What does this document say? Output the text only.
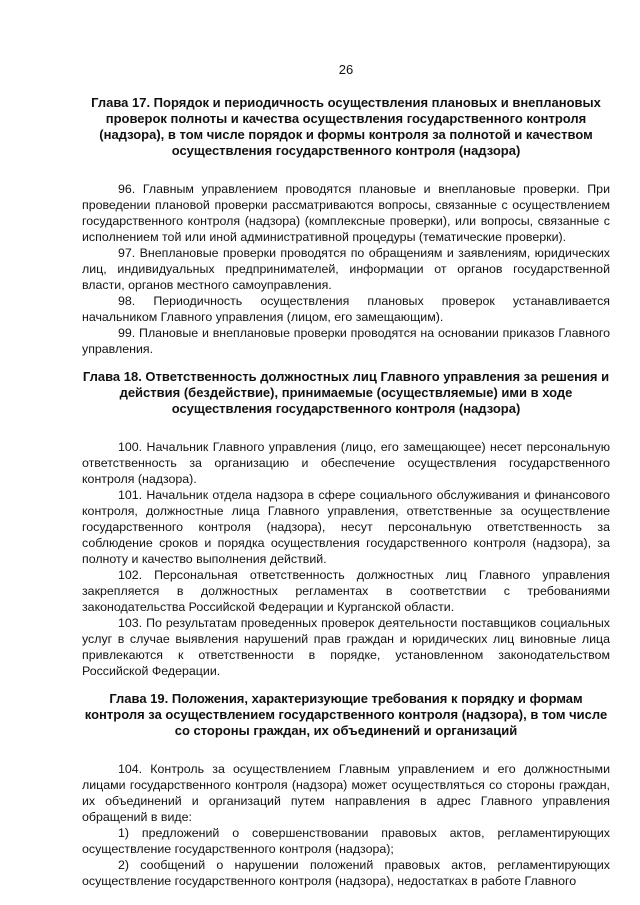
26
Глава 17. Порядок и периодичность осуществления плановых и внеплановых проверок полноты и качества осуществления государственного контроля (надзора), в том числе порядок и формы контроля за полнотой и качеством осуществления государственного контроля (надзора)

96. Главным управлением проводятся плановые и внеплановые проверки. При проведении плановой проверки рассматриваются вопросы, связанные с осуществлением государственного контроля (надзора) (комплексные проверки), или вопросы, связанные с исполнением той или иной административной процедуры (тематические проверки).

97. Внеплановые проверки проводятся по обращениям и заявлениям, юридических лиц, индивидуальных предпринимателей, информации от органов государственной власти, органов местного самоуправления.

98. Периодичность осуществления плановых проверок устанавливается начальником Главного управления (лицом, его замещающим).

99. Плановые и внеплановые проверки проводятся на основании приказов Главного управления.

Глава 18. Ответственность должностных лиц Главного управления за решения и действия (бездействие), принимаемые (осуществляемые) ими в ходе осуществления государственного контроля (надзора)

100. Начальник Главного управления (лицо, его замещающее) несет персональную ответственность за организацию и обеспечение осуществления государственного контроля (надзора).

101. Начальник отдела надзора в сфере социального обслуживания и финансового контроля, должностные лица Главного управления, ответственные за осуществление государственного контроля (надзора), несут персональную ответственность за соблюдение сроков и порядка осуществления государственного контроля (надзора), за полноту и качество выполнения действий.

102. Персональная ответственность должностных лиц Главного управления закрепляется в должностных регламентах в соответствии с требованиями законодательства Российской Федерации и Курганской области.

103. По результатам проведенных проверок деятельности поставщиков социальных услуг в случае выявления нарушений прав граждан и юридических лиц виновные лица привлекаются к ответственности в порядке, установленном законодательством Российской Федерации.

Глава 19. Положения, характеризующие требования к порядку и формам контроля за осуществлением государственного контроля (надзора), в том числе со стороны граждан, их объединений и организаций

104. Контроль за осуществлением Главным управлением и его должностными лицами государственного контроля (надзора) может осуществляться со стороны граждан, их объединений и организаций путем направления в адрес Главного управления обращений в виде:

1) предложений о совершенствовании правовых актов, регламентирующих осуществление государственного контроля (надзора);

2) сообщений о нарушении положений правовых актов, регламентирующих осуществление государственного контроля (надзора), недостатках в работе Главного
